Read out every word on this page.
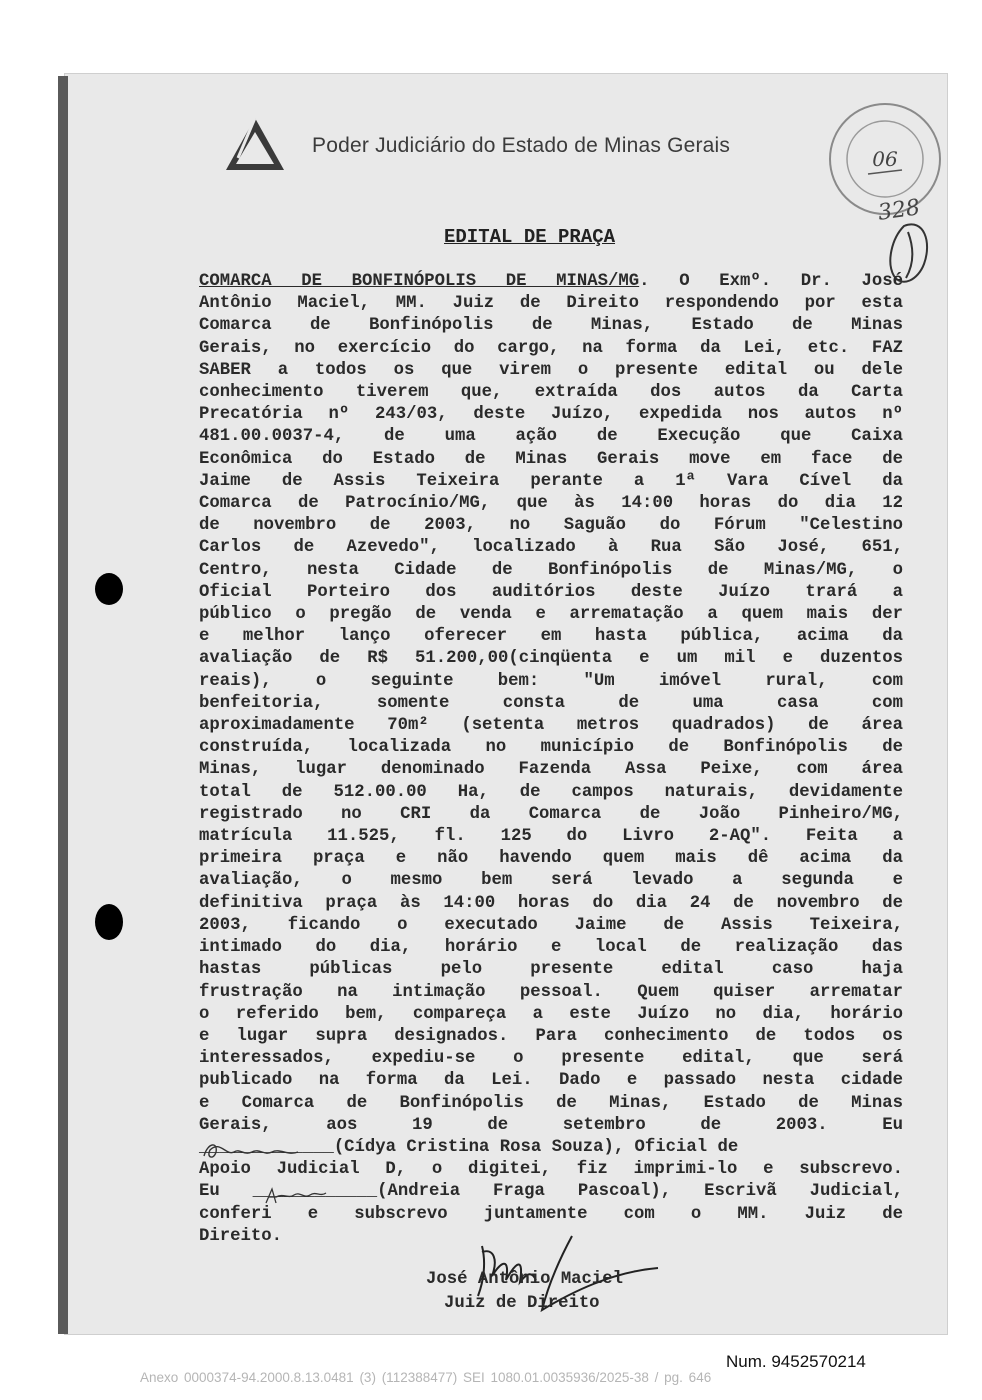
Poder Judiciário do Estado de Minas Gerais
06
328
EDITAL DE PRAÇA
COMARCA DE BONFINÓPOLIS DE MINAS/MG. O Exmº. Dr. José
Antônio Maciel, MM. Juiz de Direito respondendo por esta
Comarca de Bonfinópolis de Minas, Estado de Minas
Gerais, no exercício do cargo, na forma da Lei, etc. FAZ
SABER a todos os que virem o presente edital ou dele
conhecimento tiverem que, extraída dos autos da Carta
Precatória nº 243/03, deste Juízo, expedida nos autos nº
481.00.0037-4, de uma ação de Execução que Caixa
Econômica do Estado de Minas Gerais move em face de
Jaime de Assis Teixeira perante a 1ª Vara Cível da
Comarca de Patrocínio/MG, que às 14:00 horas do dia 12
de novembro de 2003, no Saguão do Fórum "Celestino
Carlos de Azevedo", localizado à Rua São José, 651,
Centro, nesta Cidade de Bonfinópolis de Minas/MG, o
Oficial Porteiro dos auditórios deste Juízo trará a
público o pregão de venda e arrematação a quem mais der
e melhor lanço oferecer em hasta pública, acima da
avaliação de R$ 51.200,00(cinqüenta e um mil e duzentos
reais), o seguinte bem: "Um imóvel rural, com
benfeitoria, somente consta de uma casa com
aproximadamente 70m² (setenta metros quadrados) de área
construída, localizada no município de Bonfinópolis de
Minas, lugar denominado Fazenda Assa Peixe, com área
total de 512.00.00 Ha, de campos naturais, devidamente
registrado no CRI da Comarca de João Pinheiro/MG,
matrícula 11.525, fl. 125 do Livro 2-AQ". Feita a
primeira praça e não havendo quem mais dê acima da
avaliação, o mesmo bem será levado a segunda e
definitiva praça às 14:00 horas do dia 24 de novembro de
2003, ficando o executado Jaime de Assis Teixeira,
intimado do dia, horário e local de realização das
hastas públicas pelo presente edital caso haja
frustração na intimação pessoal. Quem quiser arrematar
o referido bem, compareça a este Juízo no dia, horário
e lugar supra designados. Para conhecimento de todos os
interessados, expediu-se o presente edital, que será
publicado na forma da Lei. Dado e passado nesta cidade
e Comarca de Bonfinópolis de Minas, Estado de Minas
Gerais, aos 19 de setembro de 2003. Eu
_____________(Cídya Cristina Rosa Souza), Oficial de
Apoio Judicial D, o digitei, fiz imprimi-lo e subscrevo.
Eu ____________(Andreia Fraga Pascoal), Escrivã Judicial,
conferi e subscrevo juntamente com o MM. Juiz de
Direito.
José Antônio Maciel
Juiz de Direito
Num. 9452570214
Anexo 0000374-94.2000.8.13.0481 (3) (112388477) SEI 1080.01.0035936/2025-38 / pg. 646
